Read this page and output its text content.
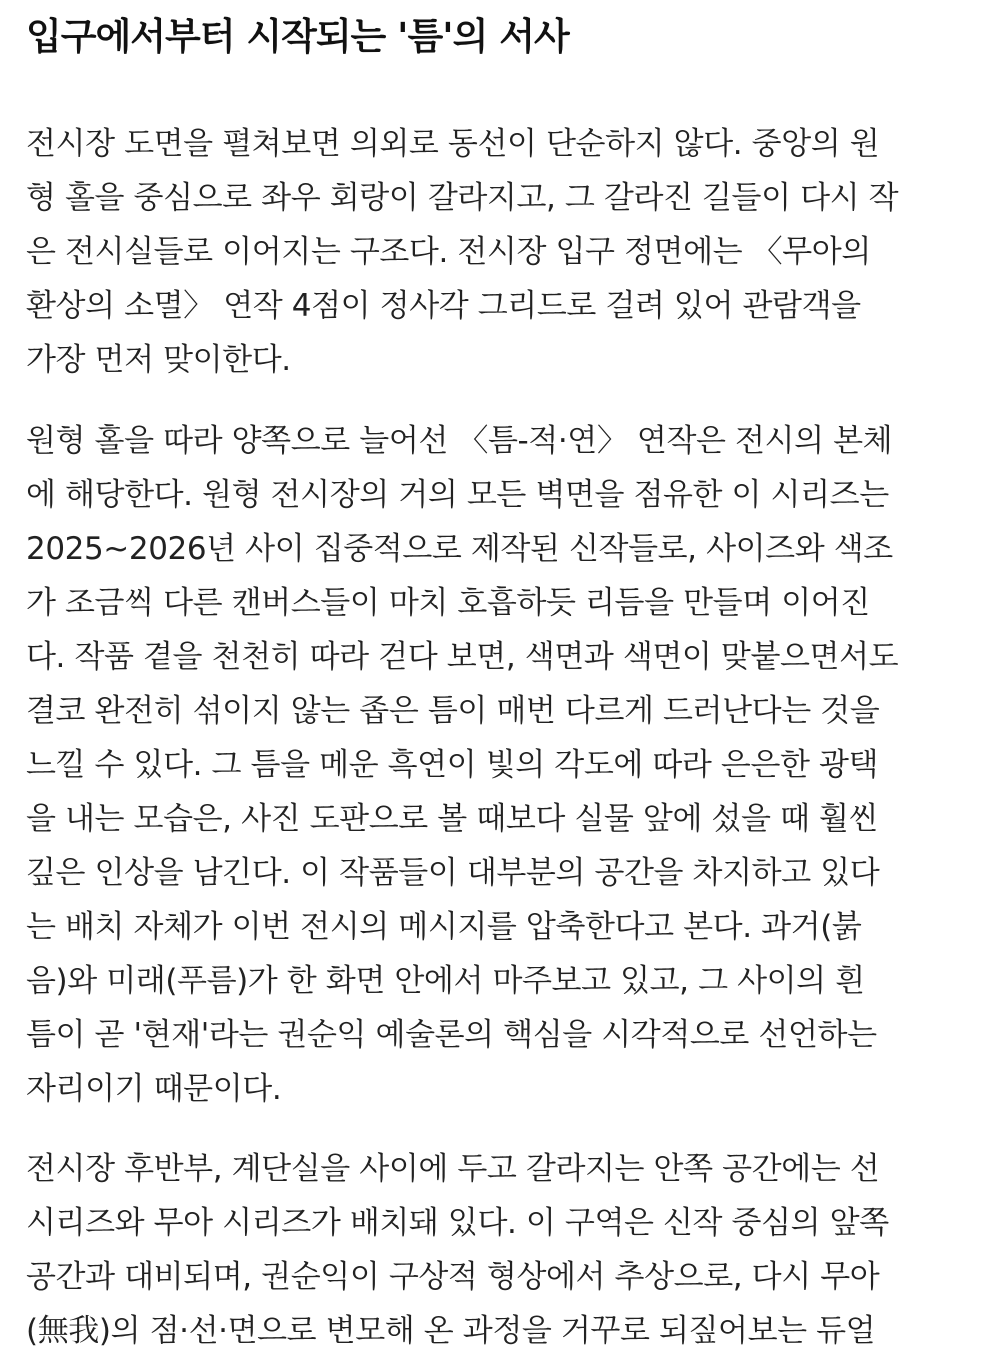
입구에서부터 시작되는 '틈'의 서사

전시장 도면을 펼쳐보면 의외로 동선이 단순하지 않다. 중앙의 원
형 홀을 중심으로 좌우 회랑이 갈라지고, 그 갈라진 길들이 다시 작
은 전시실들로 이어지는 구조다. 전시장 입구 정면에는 〈무아의
환상의 소멸〉 연작 4점이 정사각 그리드로 걸려 있어 관람객을
가장 먼저 맞이한다.

원형 홀을 따라 양쪽으로 늘어선 〈틈-적·연〉 연작은 전시의 본체
에 해당한다. 원형 전시장의 거의 모든 벽면을 점유한 이 시리즈는
2025~2026년 사이 집중적으로 제작된 신작들로, 사이즈와 색조
가 조금씩 다른 캔버스들이 마치 호흡하듯 리듬을 만들며 이어진
다. 작품 곁을 천천히 따라 걷다 보면, 색면과 색면이 맞붙으면서도
결코 완전히 섞이지 않는 좁은 틈이 매번 다르게 드러난다는 것을
느낄 수 있다. 그 틈을 메운 흑연이 빛의 각도에 따라 은은한 광택
을 내는 모습은, 사진 도판으로 볼 때보다 실물 앞에 섰을 때 훨씬
깊은 인상을 남긴다. 이 작품들이 대부분의 공간을 차지하고 있다
는 배치 자체가 이번 전시의 메시지를 압축한다고 본다. 과거(붉
음)와 미래(푸름)가 한 화면 안에서 마주보고 있고, 그 사이의 흰
틈이 곧 '현재'라는 권순익 예술론의 핵심을 시각적으로 선언하는
자리이기 때문이다.

전시장 후반부, 계단실을 사이에 두고 갈라지는 안쪽 공간에는 선
시리즈와 무아 시리즈가 배치돼 있다. 이 구역은 신작 중심의 앞쪽
공간과 대비되며, 권순익이 구상적 형상에서 추상으로, 다시 무아
(無我)의 점·선·면으로 변모해 온 과정을 거꾸로 되짚어보는 듀얼
